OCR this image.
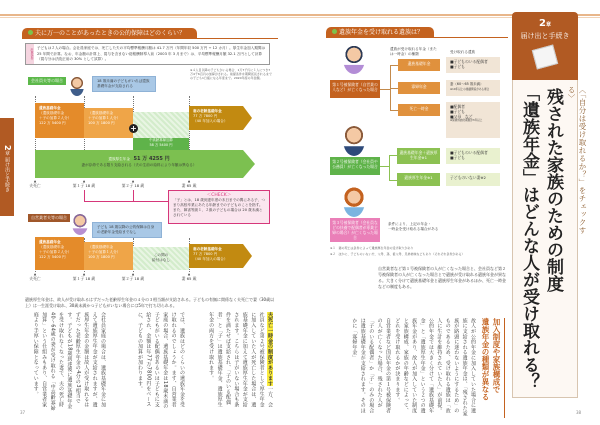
夫に万一のことがあったときの公的保障はどのくらい？
計算条件 子どもは２人の場合。会社員家庭では、死亡した夫の平均標準報酬月額は 41.7 万円（年間年収 500 万円 ÷ 12 カ月）。厚生年金加入期間は 25 年間で計算。なお、年金額の計算上、賞与を含まない総報酬制導入前（2003 年 3 月まで）は、平均標準報酬月額 32.1 万円として計算（賞与分は法改正前の 30% として試算）。
※４人目以降の子どもがいる場合、1万7千円に１人につき7万4千6百円の加算がされる。前提条件を期間延長されるまでの子ども1日後になる年度まで。2020年度の年金額。
会社員夫等の場合	18 歳未満の子どもがいれば遺族基礎年金が支給される
遺族基礎年金
（遺族基礎年金
＋子の加算２人分）
122 万 5400 円
（遺族基礎年金
＋子の加算１人分）
100 万 1800 円
妻の老齢基礎年金
77 万 7800 円
（40 年加入の場合）
+
中高齢寡婦加算
58 万 5400 円
遺族厚生年金　 51 万 4255 円
妻が存命である限り支給される（夫の生前の給料により年額は異なる）
▲ 夫死亡	▲ 第１子 18 歳	▲ 第２子 18 歳	▲ 妻 65 歳
＜CHECK＞
「子」とは、18 歳到達年度の末日までの間にある子、つまり高校卒業にあたる年齢までの子どものことを指す。また、障害等級１、２級の子どもの場合は 20 歳未満とされている
自営業者夫等の場合
子ども 18 歳以降の公的保障は自身の老齢年金受給までなし
遺族基礎年金
（遺族基礎年金
＋子の加算２人分）
122 万 5400 円
（遺族基礎年金
＋子の加算１人分）
100 万 1800 円	この間の
給付はなし
妻の老齢基礎年金
77 万 7800 円
（40 年加入の場合）
▲ 夫死亡	▲ 第１子 18 歳	▲ 第２子 18 歳	▲ 妻 65 歳
遺族厚生年金は、故人が受け取れるはずだった老齢厚生年金の４分の３相当額が支給される。子どもの有無に関係なく夫死亡で妻（30歳以上）は一生涯受け取れ、30歳未満かつ子どもがいない場合には5年で打ち切られる。
夫死亡一時金の制度があります一方、会社員など第２号被保険者として厚生年金に加入していた人が死亡した場合は、遺族基礎年金に加えて遺族厚生年金が支給されます。こちらは子がいない場合も条件を満たせば支給され、「子のいる配偶者」と「子」は遺族基礎年金、遺族厚生年金の両方を受け取れます。
では、遺族はどのくらいの遺族年金を受け取れるのでしょうか。ます、自営業者家庭の場合、遺族基礎年金は18歳未満の子どもがいる配偶者あるいは子どもに支給され、金額は年77万7800円をベースに、子どもの加算が加わります。
会社員家庭の場合は、遺族基礎年金に加えて遺族厚生年金が支給されますが、遺族厚生年金の金額は故人が受け取れるはずだった老齢厚生年金の4分の3相当です。子どもが18歳到達後に遺族基礎年金を受け取れなくなった妻で、夫の死亡時40〜64歳の妻が受け取れる「中高齢寡婦加算」という仕組みもあり、自営業者家庭より手厚い保障となっています。
2章 届け出と手続き
37
遺族年金を受け取れる遺族は？
遺族が受け取れる年金（または一時金）の種類	受け取れる遺族
第１号被保険者（自営業の人など）が亡くなった場合
遺族基礎年金	■子どものいる配偶者
■子ども
寡婦年金	妻（60〜65 歳未満）
※10年以上の婚姻関係がある場合
死亡一時金	■配偶者
■子ども
■父母　など
※保険料納付期間が3年以上
第２号被保険者（会社員や公務員）が亡くなった場合
遺族基礎年金＋遺族厚生年金※1
■子どものいる配偶者
■子ども
遺族厚生年金※1	子どものいない妻※2
第３号被保険者（会社員などの扶養で配偶者が専業主婦の場合）が亡くなった場合
条件により、上記の年金・
一時金を受け取れる場合がある
※１　妻の死亡は条件によって遺族厚生年金の受け取りがあり
※２　ほかに、子どものいない夫、父母、孫、祖父母、兄弟姉妹などもあり（それぞれ条件がある）
自営業者など第１号被保険者の人が亡くなった場合と、会社員など第２号被保険者の人が亡くなった場合とで遺族が受け取れる遺族年金が異なる。大きく分けて遺族基礎年金と遺族厚生年金があるほか、死亡一時金などの制度もある。
加入制度や家族構成で
遺族年金の種類が異なる
故人が公的年金に加入していた場合に遺族に支給される遺族年金は、「残された家族が路頭に迷わないようにするため」のものであるため、受け取れる遺族は「故人に生計を維持されていた人」が前提。公的年金では大きく分けて「遺族基礎年金」と「遺族厚生年金」という２つの遺族年金があり、故人が加入していた制度と家族構成、家族の年齢などによって、どれを受け取れるかが決まります。
自営業者など国民年金の第１号被保険者の人が亡くなった場合、残された人が「子のいる配偶者」か「子」のみの場合は遺族基礎年金が支給されます。そのほかに「寡婦年金」
2章
届け出と手続き
〈「自分は受け取れるか？」をチェックする〉
残された家族のための制度
「遺族年金」はどんな人が受け取れる？
38
